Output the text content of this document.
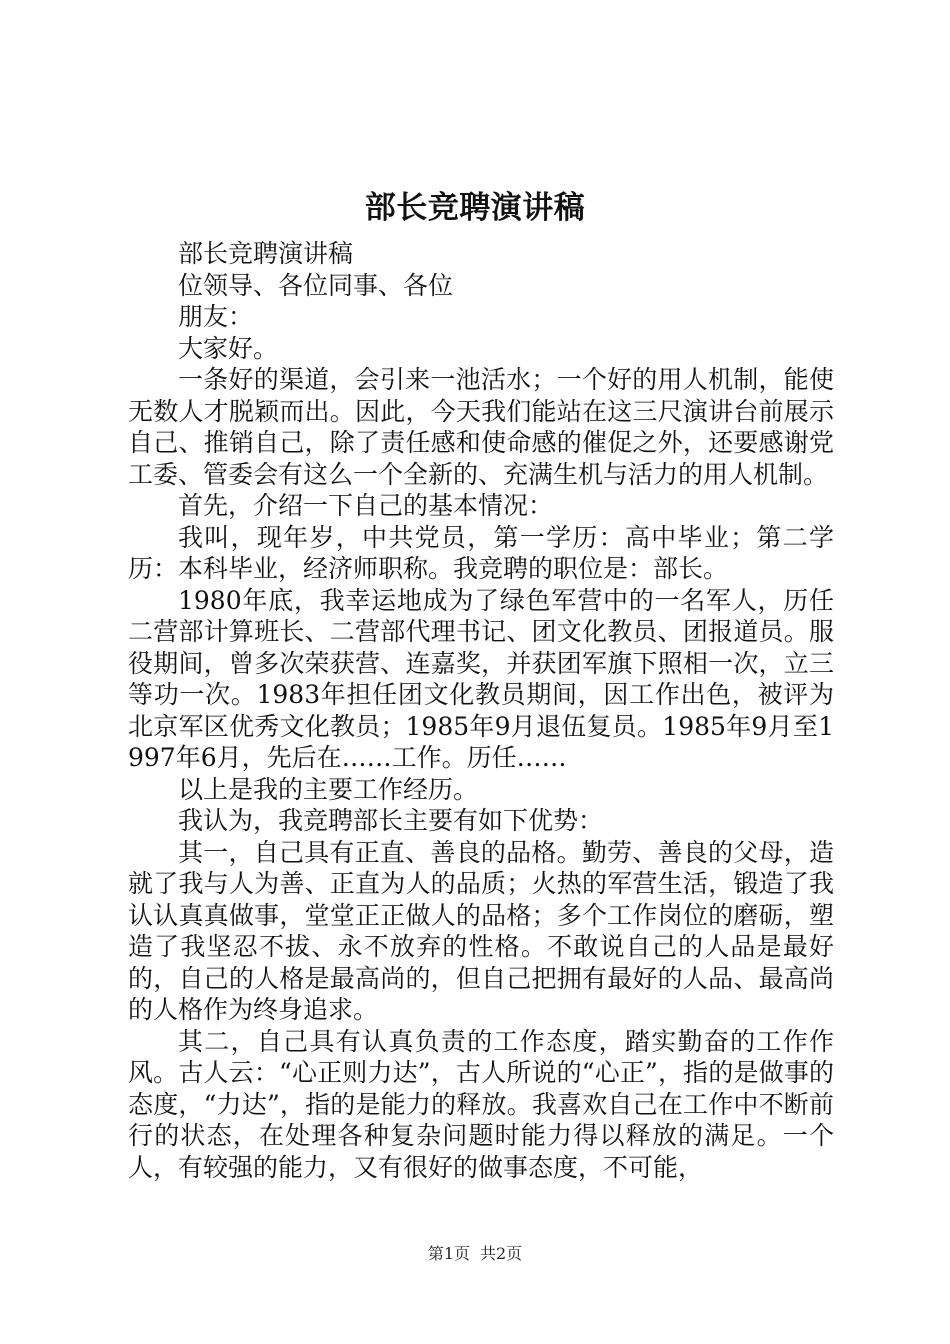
部长竞聘演讲稿

部长竞聘演讲稿

位领导、各位同事、各位

朋友：

大家好。

一条好的渠道，会引来一池活水；一个好的用人机制，能使无数人才脱颖而出。因此，今天我们能站在这三尺演讲台前展示自己、推销自己，除了责任感和使命感的催促之外，还要感谢党工委、管委会有这么一个全新的、充满生机与活力的用人机制。

首先，介绍一下自己的基本情况：

我叫，现年岁，中共党员，第一学历：高中毕业；第二学历：本科毕业，经济师职称。我竞聘的职位是：部长。

1980年底，我幸运地成为了绿色军营中的一名军人，历任二营部计算班长、二营部代理书记、团文化教员、团报道员。服役期间，曾多次荣获营、连嘉奖，并获团军旗下照相一次，立三等功一次。1983年担任团文化教员期间，因工作出色，被评为北京军区优秀文化教员；1985年9月退伍复员。1985年9月至1997年6月，先后在……工作。历任……

以上是我的主要工作经历。

我认为，我竞聘部长主要有如下优势：

其一，自己具有正直、善良的品格。勤劳、善良的父母，造就了我与人为善、正直为人的品质；火热的军营生活，锻造了我认认真真做事，堂堂正正做人的品格；多个工作岗位的磨砺，塑造了我坚忍不拔、永不放弃的性格。不敢说自己的人品是最好的，自己的人格是最高尚的，但自己把拥有最好的人品、最高尚的人格作为终身追求。

其二，自己具有认真负责的工作态度，踏实勤奋的工作作风。古人云：“心正则力达”，古人所说的“心正”，指的是做事的态度，“力达”，指的是能力的释放。我喜欢自己在工作中不断前行的状态，在处理各种复杂问题时能力得以释放的满足。一个人，有较强的能力，又有很好的做事态度，不可能，

第1页 共2页
